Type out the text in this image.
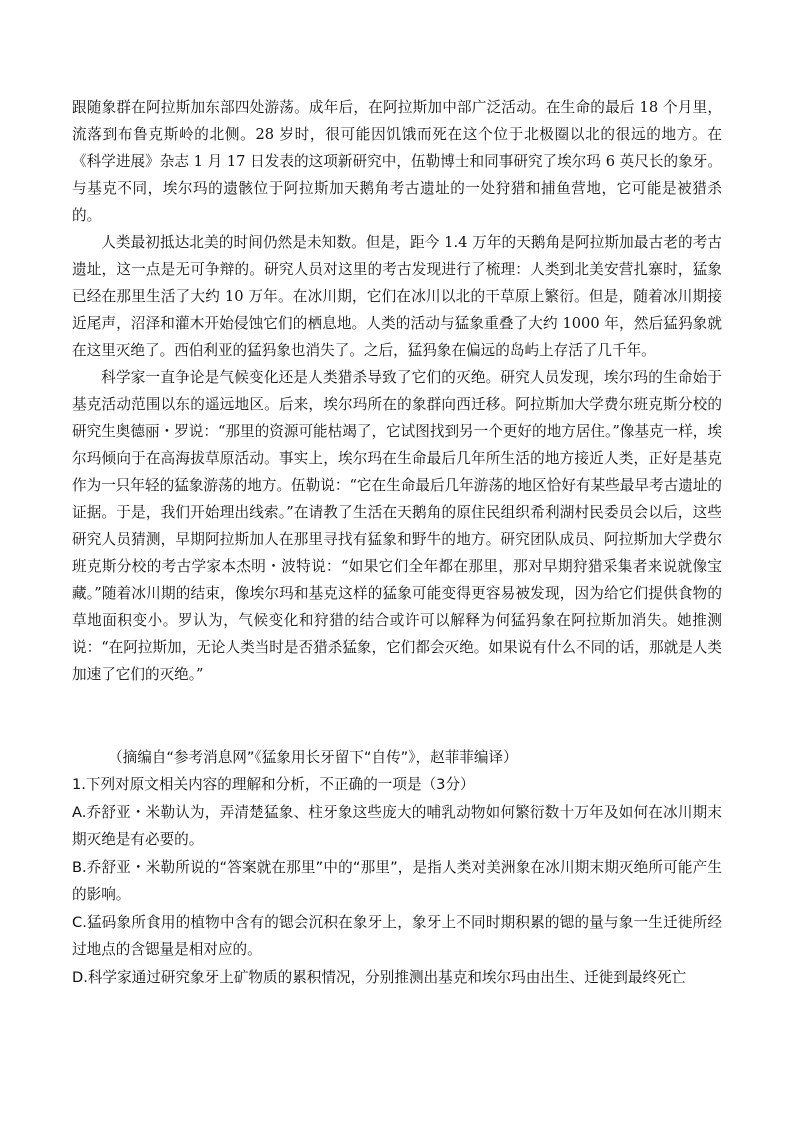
跟随象群在阿拉斯加东部四处游荡。成年后，在阿拉斯加中部广泛活动。在生命的最后 18 个月里，流落到布鲁克斯岭的北侧。28 岁时，很可能因饥饿而死在这个位于北极圈以北的很远的地方。在《科学进展》杂志 1 月 17 日发表的这项新研究中，伍勒博士和同事研究了埃尔玛 6 英尺长的象牙。与基克不同，埃尔玛的遗骸位于阿拉斯加天鹅角考古遗址的一处狩猎和捕鱼营地，它可能是被猎杀的。

人类最初抵达北美的时间仍然是未知数。但是，距今 1.4 万年的天鹅角是阿拉斯加最古老的考古遗址，这一点是无可争辩的。研究人员对这里的考古发现进行了梳理：人类到北美安营扎寨时，猛象已经在那里生活了大约 10 万年。在冰川期，它们在冰川以北的干草原上繁衍。但是，随着冰川期接近尾声，沼泽和灌木开始侵蚀它们的栖息地。人类的活动与猛象重叠了大约 1000 年，然后猛犸象就在这里灭绝了。西伯利亚的猛犸象也消失了。之后，猛犸象在偏远的岛屿上存活了几千年。

科学家一直争论是气候变化还是人类猎杀导致了它们的灭绝。研究人员发现，埃尔玛的生命始于基克活动范围以东的遥远地区。后来，埃尔玛所在的象群向西迁移。阿拉斯加大学费尔班克斯分校的研究生奥德丽・罗说：“那里的资源可能枯竭了，它试图找到另一个更好的地方居住。”像基克一样，埃尔玛倾向于在高海拔草原活动。事实上，埃尔玛在生命最后几年所生活的地方接近人类，正好是基克作为一只年轻的猛象游荡的地方。伍勒说：“它在生命最后几年游荡的地区恰好有某些最早考古遗址的证据。于是，我们开始理出线索。”在请教了生活在天鹅角的原住民组织希利湖村民委员会以后，这些研究人员猜测，早期阿拉斯加人在那里寻找有猛象和野牛的地方。研究团队成员、阿拉斯加大学费尔班克斯分校的考古学家本杰明・波特说：“如果它们全年都在那里，那对早期狩猎采集者来说就像宝藏。”随着冰川期的结束，像埃尔玛和基克这样的猛象可能变得更容易被发现，因为给它们提供食物的草地面积变小。罗认为，气候变化和狩猎的结合或许可以解释为何猛犸象在阿拉斯加消失。她推测说：“在阿拉斯加，无论人类当时是否猎杀猛象，它们都会灭绝。如果说有什么不同的话，那就是人类加速了它们的灭绝。”

（摘编自“参考消息网”《猛象用长牙留下“自传”》，赵菲菲编译）

1.下列对原文相关内容的理解和分析，不正确的一项是（3分）

A.乔舒亚・米勒认为，弄清楚猛象、柱牙象这些庞大的哺乳动物如何繁衍数十万年及如何在冰川期末期灭绝是有必要的。

B.乔舒亚・米勒所说的“答案就在那里”中的“那里”，是指人类对美洲象在冰川期末期灭绝所可能产生的影响。

C.猛码象所食用的植物中含有的锶会沉积在象牙上，象牙上不同时期积累的锶的量与象一生迁徙所经过地点的含锶量是相对应的。

D.科学家通过研究象牙上矿物质的累积情况，分别推测出基克和埃尔玛由出生、迁徙到最终死亡
